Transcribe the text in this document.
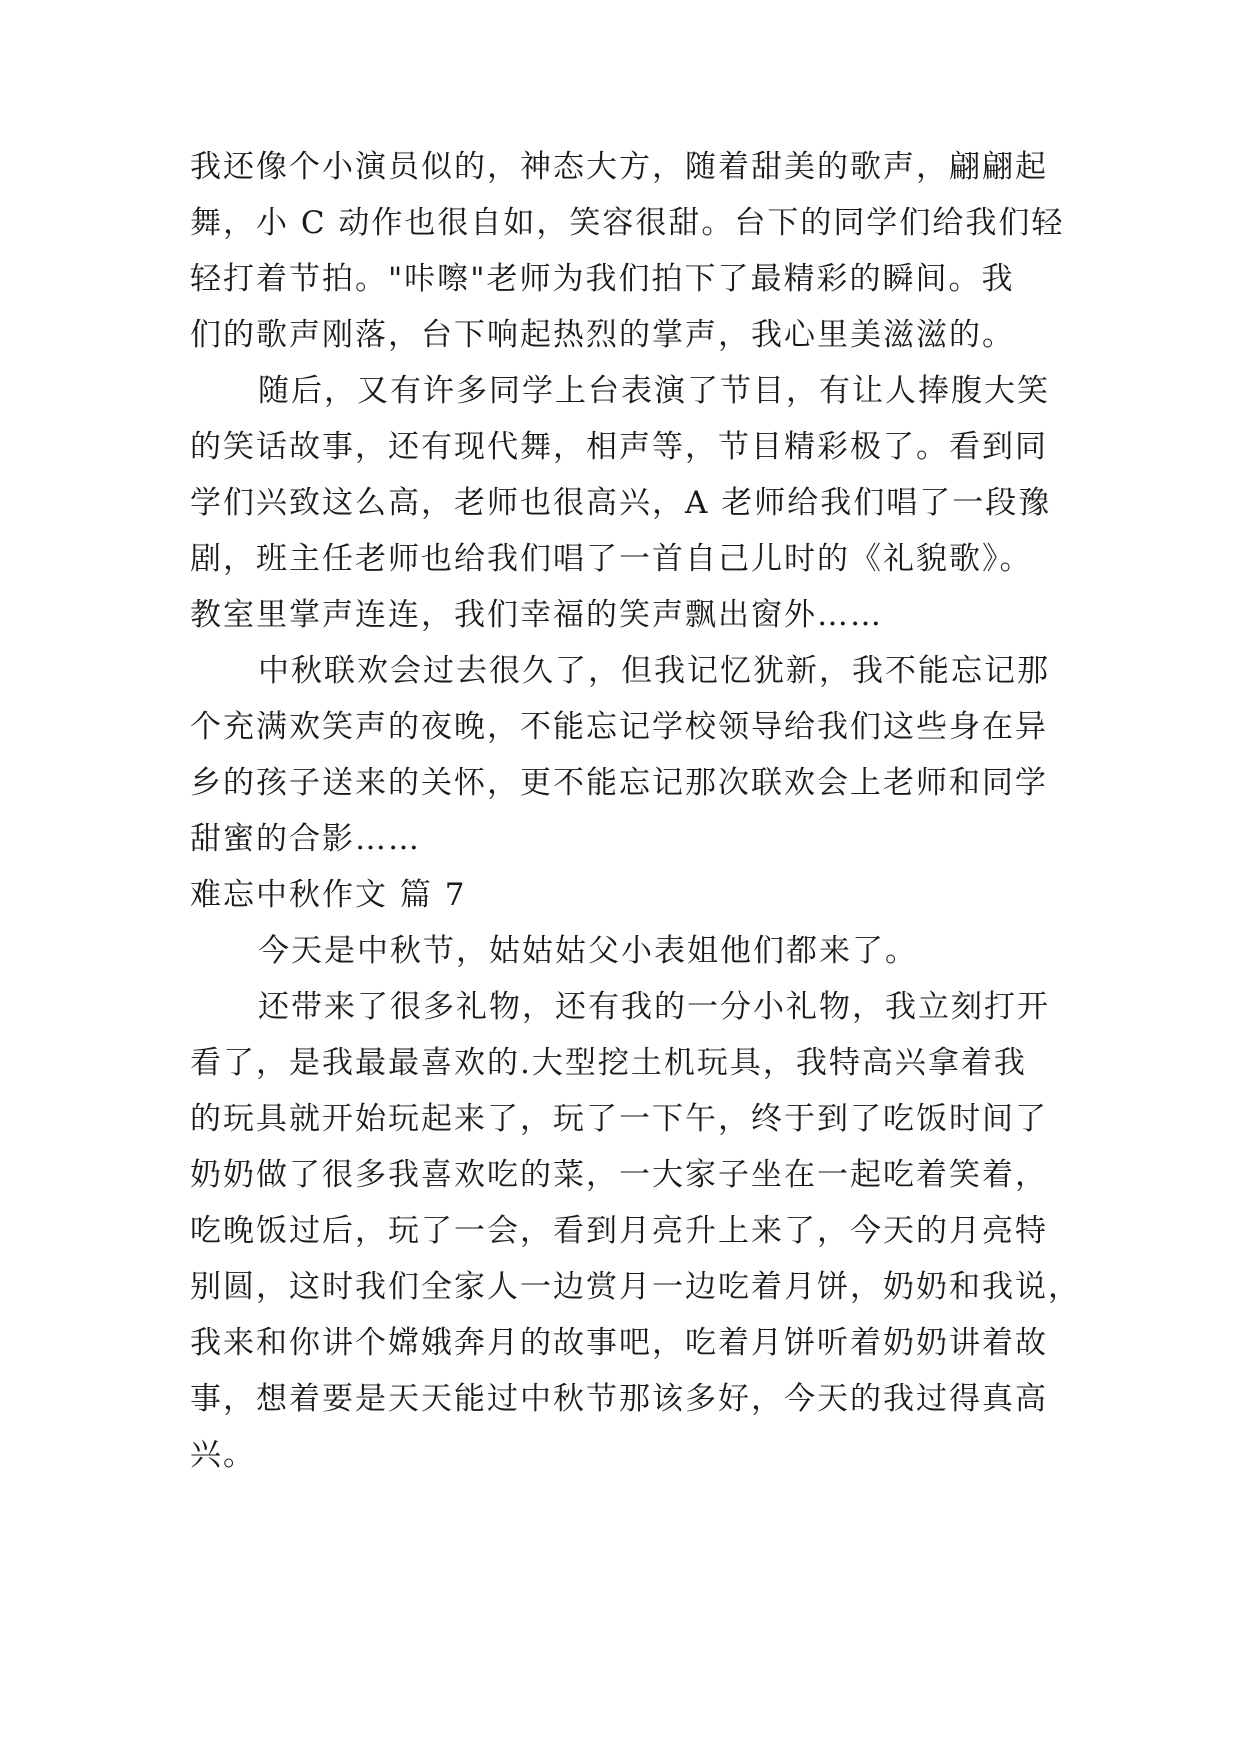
我还像个小演员似的，神态大方，随着甜美的歌声，翩翩起
舞，小 C 动作也很自如，笑容很甜。台下的同学们给我们轻
轻打着节拍。"咔嚓"老师为我们拍下了最精彩的瞬间。我
们的歌声刚落，台下响起热烈的掌声，我心里美滋滋的。
随后，又有许多同学上台表演了节目，有让人捧腹大笑
的笑话故事，还有现代舞，相声等，节目精彩极了。看到同
学们兴致这么高，老师也很高兴，A 老师给我们唱了一段豫
剧，班主任老师也给我们唱了一首自己儿时的《礼貌歌》。
教室里掌声连连，我们幸福的笑声飘出窗外……
中秋联欢会过去很久了，但我记忆犹新，我不能忘记那
个充满欢笑声的夜晚，不能忘记学校领导给我们这些身在异
乡的孩子送来的关怀，更不能忘记那次联欢会上老师和同学
甜蜜的合影……
难忘中秋作文 篇 7
今天是中秋节，姑姑姑父小表姐他们都来了。
还带来了很多礼物，还有我的一分小礼物，我立刻打开
看了，是我最最喜欢的.大型挖土机玩具，我特高兴拿着我
的玩具就开始玩起来了，玩了一下午，终于到了吃饭时间了
奶奶做了很多我喜欢吃的菜，一大家子坐在一起吃着笑着，
吃晚饭过后，玩了一会，看到月亮升上来了，今天的月亮特
别圆，这时我们全家人一边赏月一边吃着月饼，奶奶和我说，
我来和你讲个嫦娥奔月的故事吧，吃着月饼听着奶奶讲着故
事，想着要是天天能过中秋节那该多好，今天的我过得真高
兴。
